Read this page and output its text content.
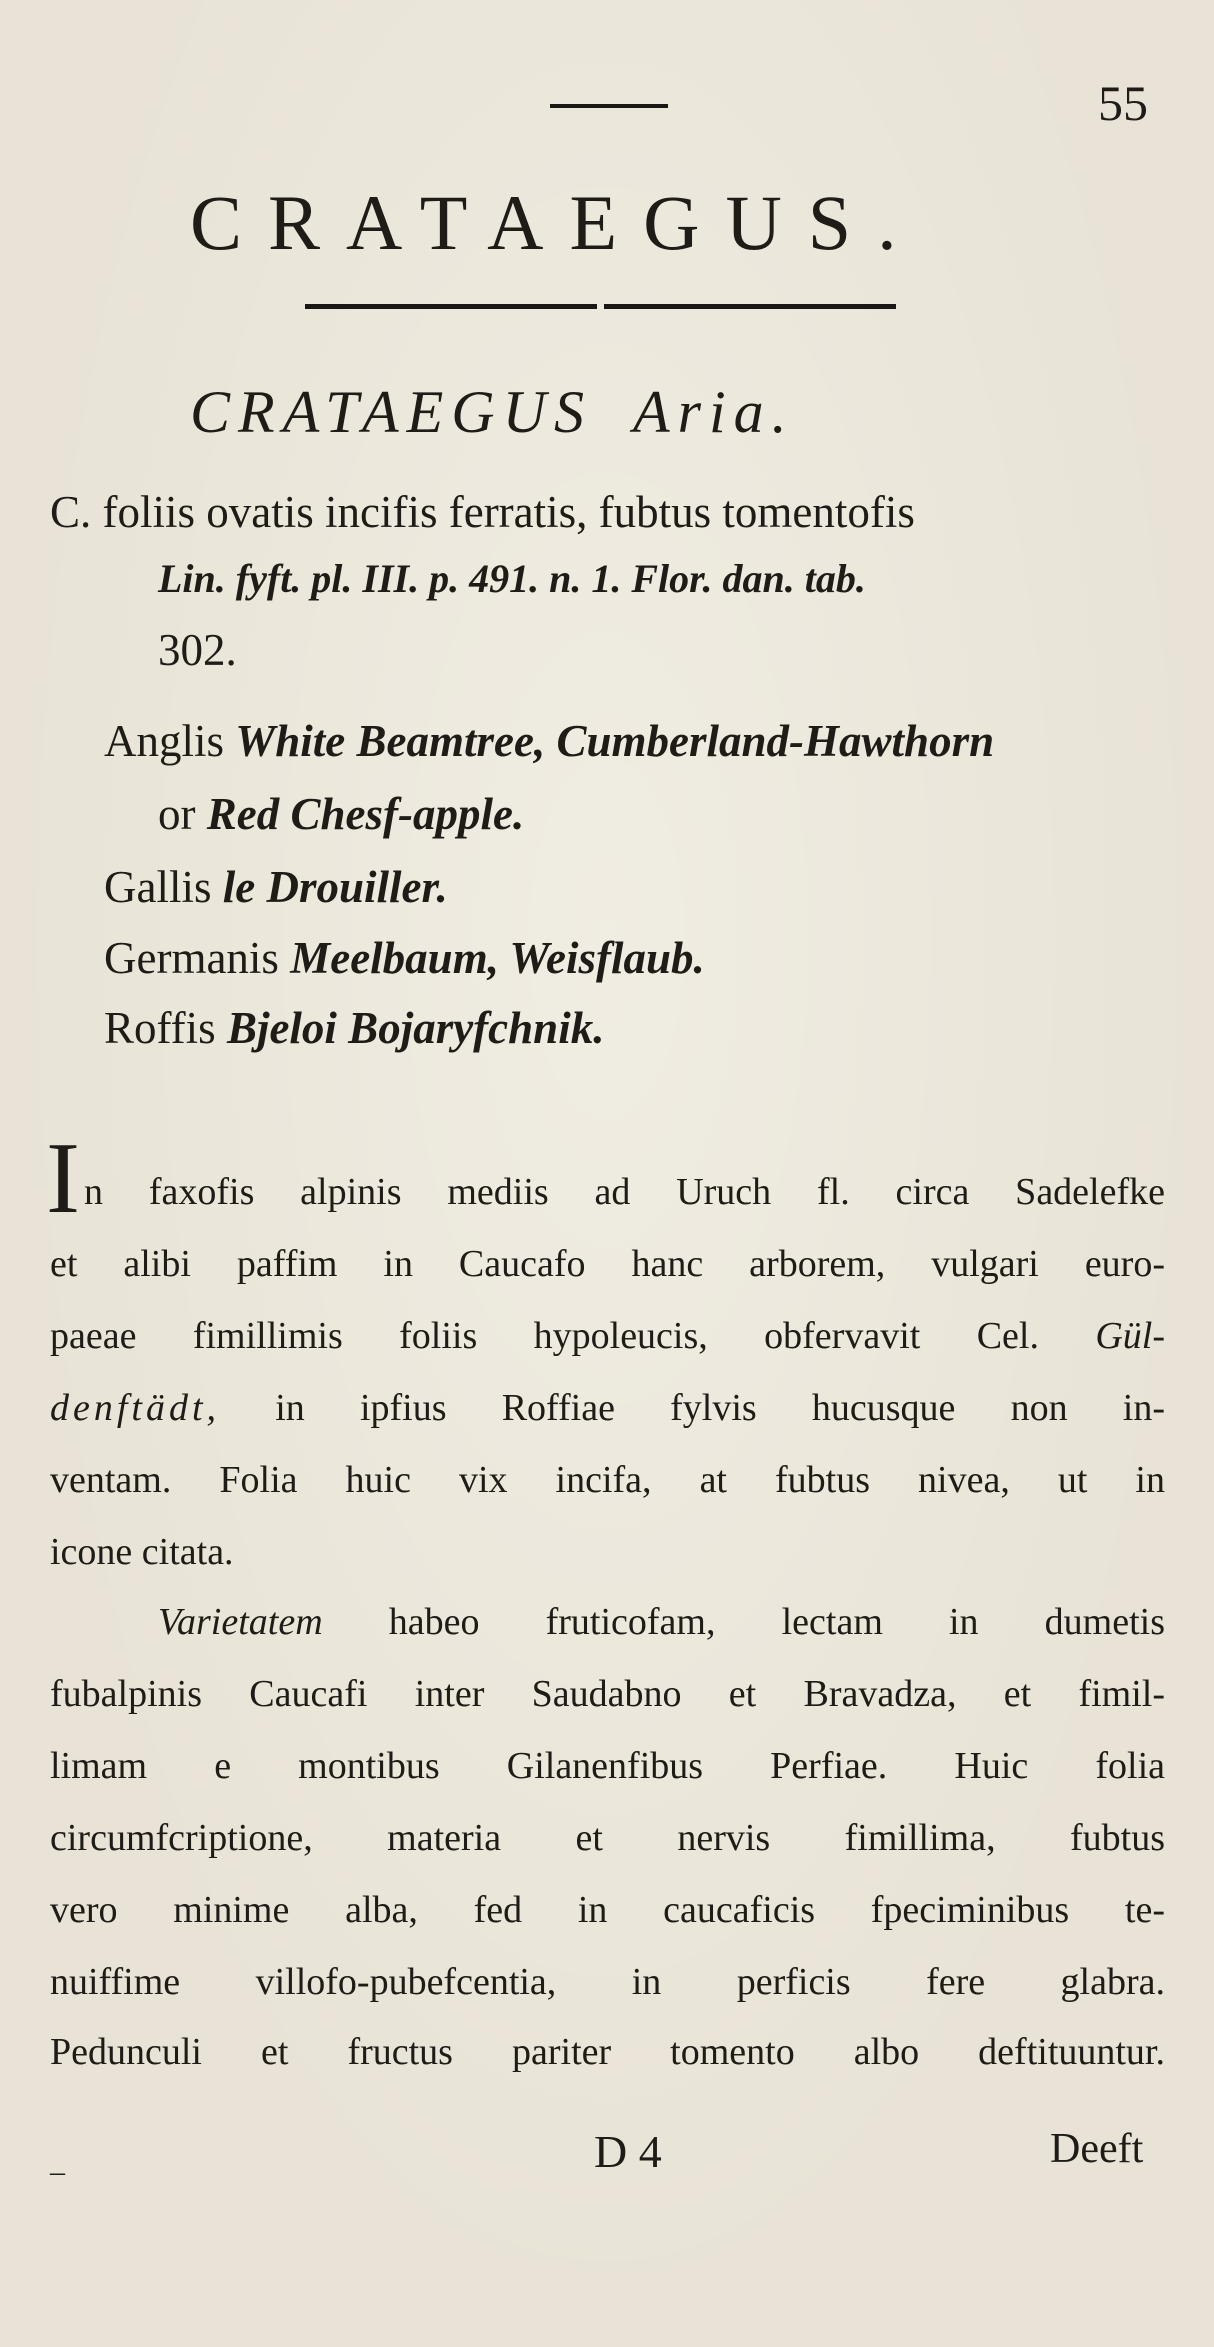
55
CRATAEGUS.
CRATAEGUS Aria.
C. foliis ovatis incifis ferratis, fubtus tomentofis
Lin. fyft. pl. III. p. 491. n. 1. Flor. dan. tab.
302.
Anglis White Beamtree, Cumberland-Hawthorn
or Red Chesf-apple.
Gallis le Drouiller.
Germanis Meelbaum, Weisflaub.
Roffis Bjeloi Bojaryfchnik.
I n faxofis alpinis mediis ad Uruch fl. circa Sadelefke
et alibi paffim in Caucafo hanc arborem, vulgari euro-
paeae fimillimis foliis hypoleucis, obfervavit Cel. Gül-
denftädt, in ipfius Roffiae fylvis hucusque non in-
ventam. Folia huic vix incifa, at fubtus nivea, ut in
icone citata.
Varietatem habeo fruticofam, lectam in dumetis
fubalpinis Caucafi inter Saudabno et Bravadza, et fimil-
limam e montibus Gilanenfibus Perfiae. Huic folia
circumfcriptione, materia et nervis fimillima, fubtus
vero minime alba, fed in caucaficis fpeciminibus te-
nuiffime villofo-pubefcentia, in perficis fere glabra.
Pedunculi et fructus pariter tomento albo deftituuntur.
–	D 4	Deeft
